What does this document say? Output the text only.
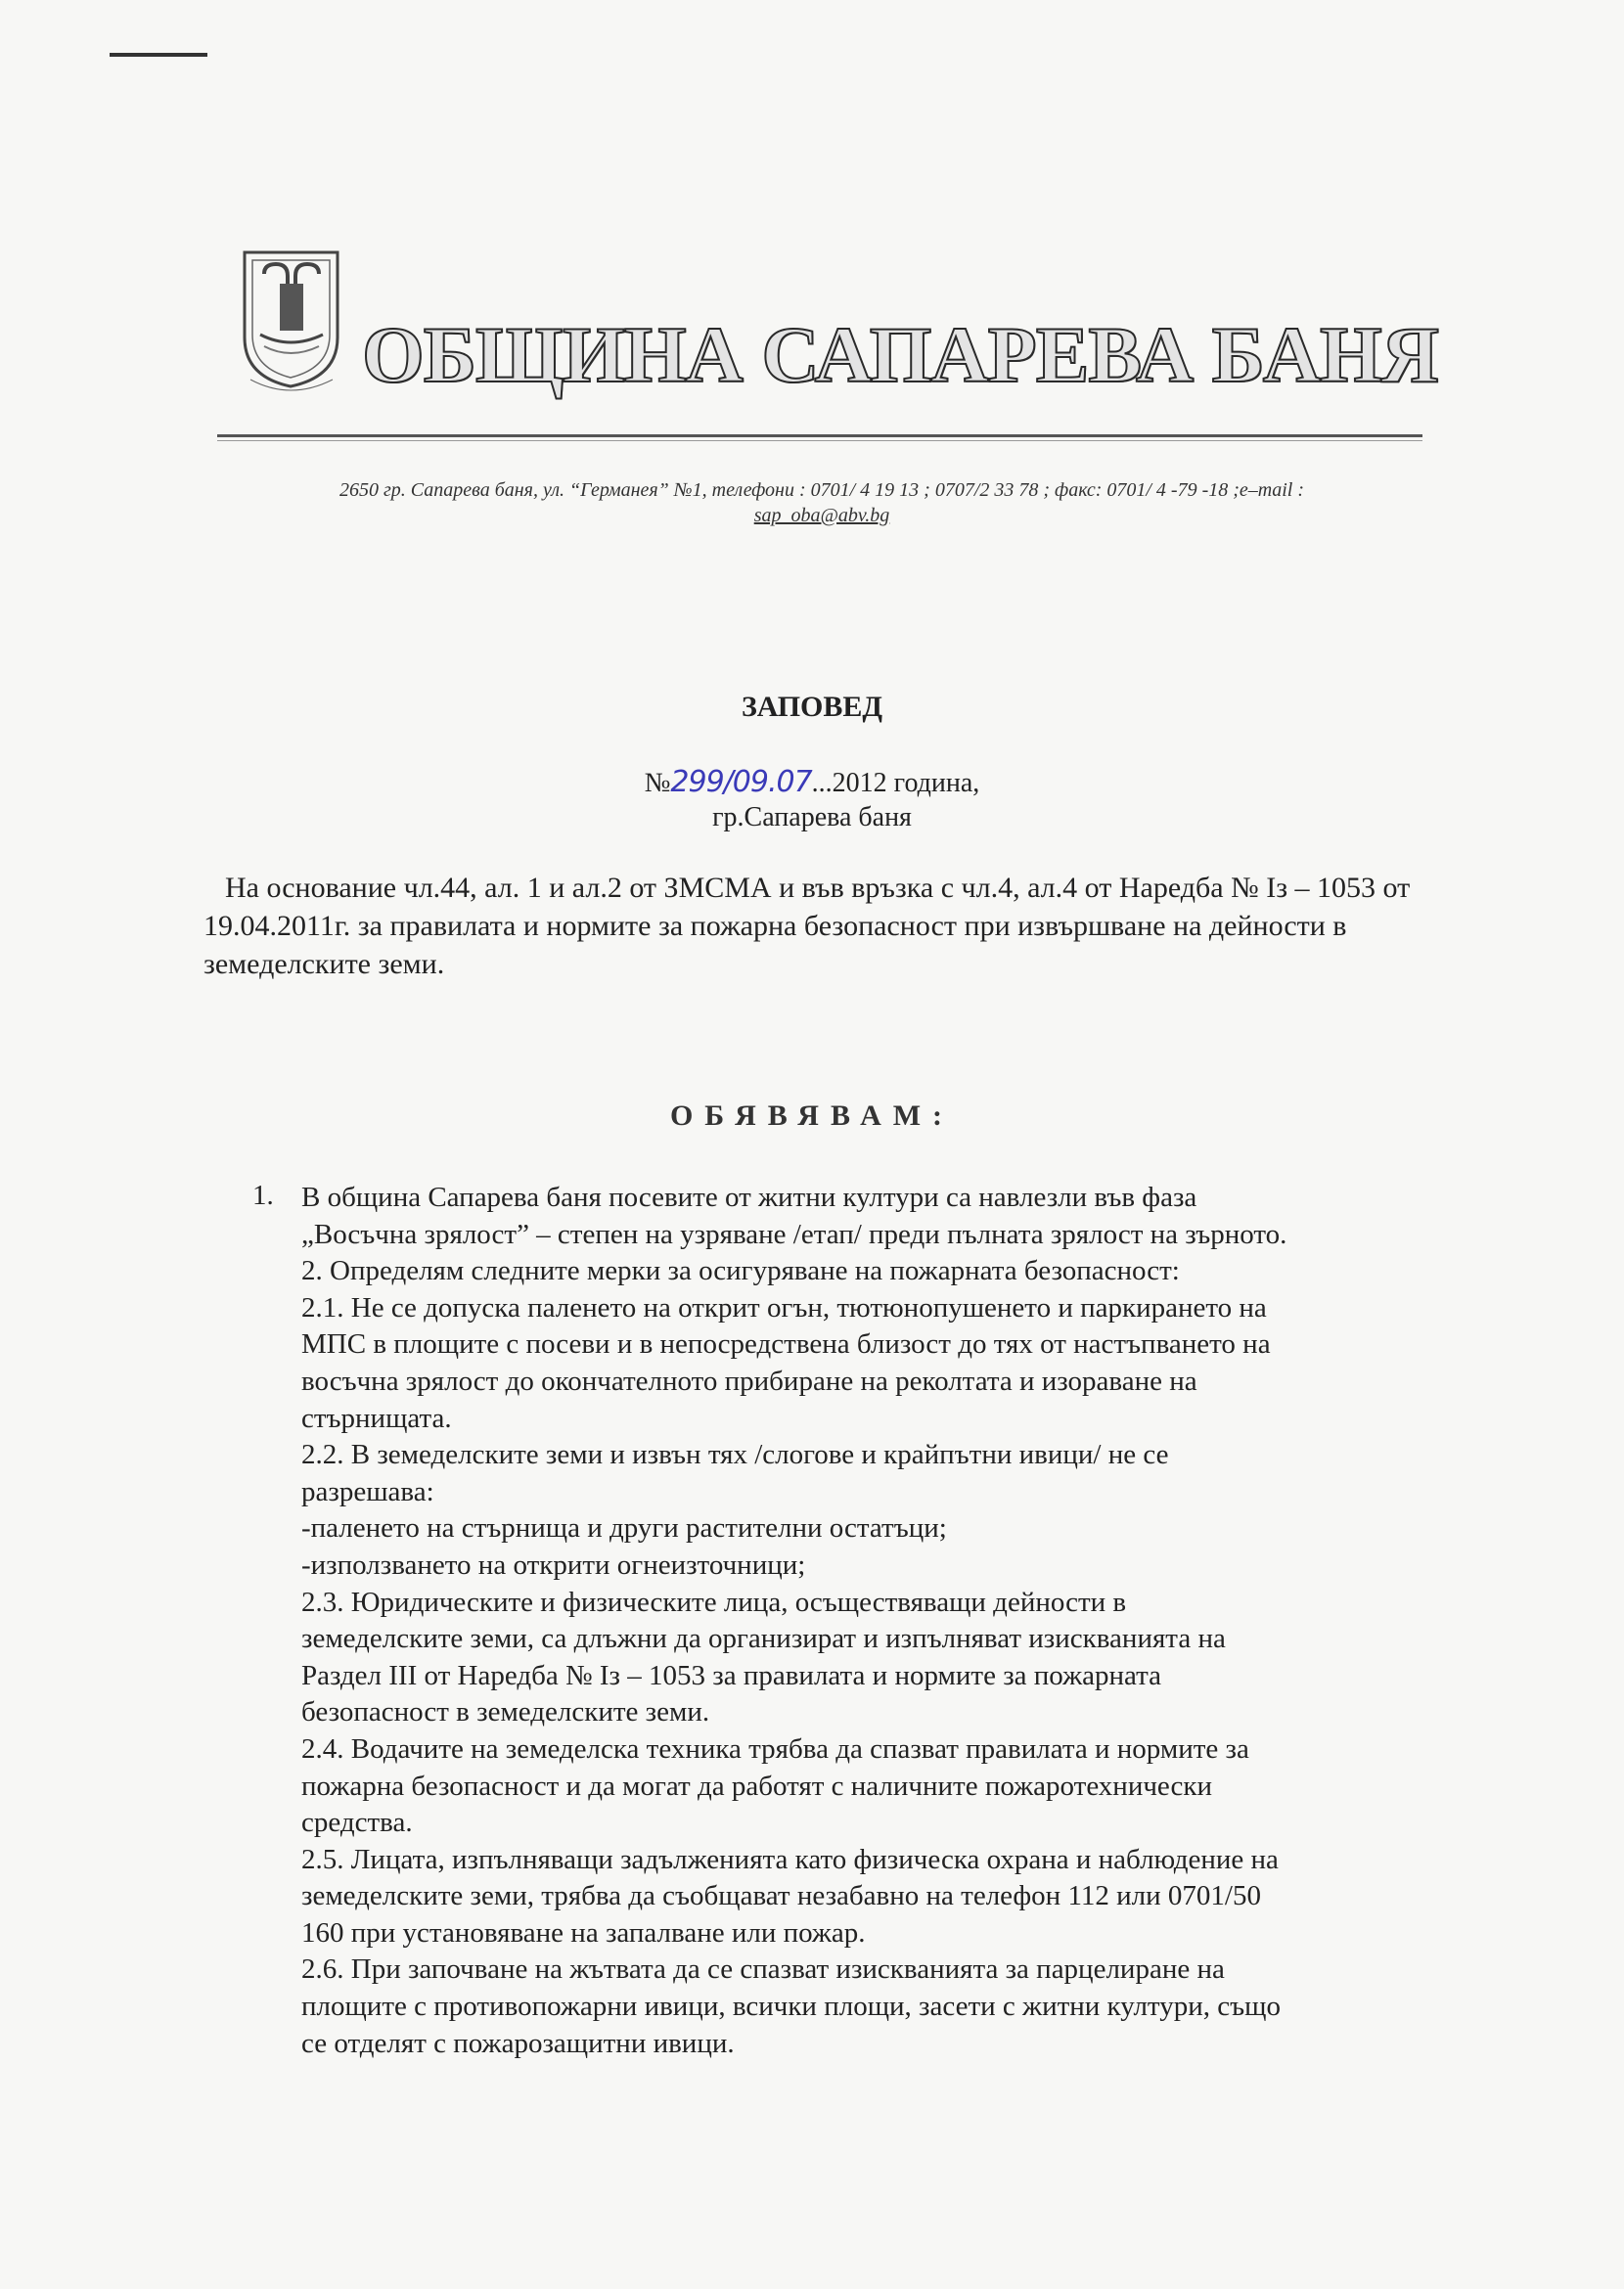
ОБЩИНА САПАРЕВА БАНЯ
2650 гр. Сапарева баня, ул. “Германея” №1, телефони : 0701/ 4 19 13 ; 0707/2 33 78 ; факс: 0701/ 4 -79 -18 ;e–mail :
sap_oba@abv.bg
ЗАПОВЕД
№299/09.07...2012 година,
гр.Сапарева баня

На основание чл.44, ал. 1 и ал.2 от ЗМСМА и във връзка с чл.4, ал.4 от Наредба № Iз – 1053 от 19.04.2011г. за правилата и нормите за пожарна безопасност при извършване на дейности в земеделските земи.

ОБЯВЯВАМ:
1. В община Сапарева баня посевите от житни култури са навлезли във фаза
„Восъчна зрялост” – степен на узряване /етап/ преди пълната зрялост на зърното.
2. Определям следните мерки за осигуряване на пожарната безопасност:
2.1. Не се допуска паленето на открит огън, тютюнопушенето и паркирането на
МПС в площите с посеви и в непосредствена близост до тях от настъпването на
восъчна зрялост до окончателното прибиране на реколтата и изораване на
стърнищата.
2.2. В земеделските земи и извън тях /слогове и крайпътни ивици/ не се
разрешава:
-паленето на стърнища и други растителни остатъци;
-използването на открити огнеизточници;
2.3. Юридическите и физическите лица, осъществяващи дейности в
земеделските земи, са длъжни да организират и изпълняват изискванията на
Раздел III от Наредба № Iз – 1053 за правилата и нормите за пожарната
безопасност в земеделските земи.
2.4. Водачите на земеделска техника трябва да спазват правилата и нормите за
пожарна безопасност и да могат да работят с наличните пожаротехнически
средства.
2.5. Лицата, изпълняващи задълженията като физическа охрана и наблюдение на
земеделските земи, трябва да съобщават незабавно на телефон 112 или 0701/50
160 при установяване на запалване или пожар.
2.6. При започване на жътвата да се спазват изискванията за парцелиране на
площите с противопожарни ивици, всички площи, засети с житни култури, също
се отделят с пожарозащитни ивици.
